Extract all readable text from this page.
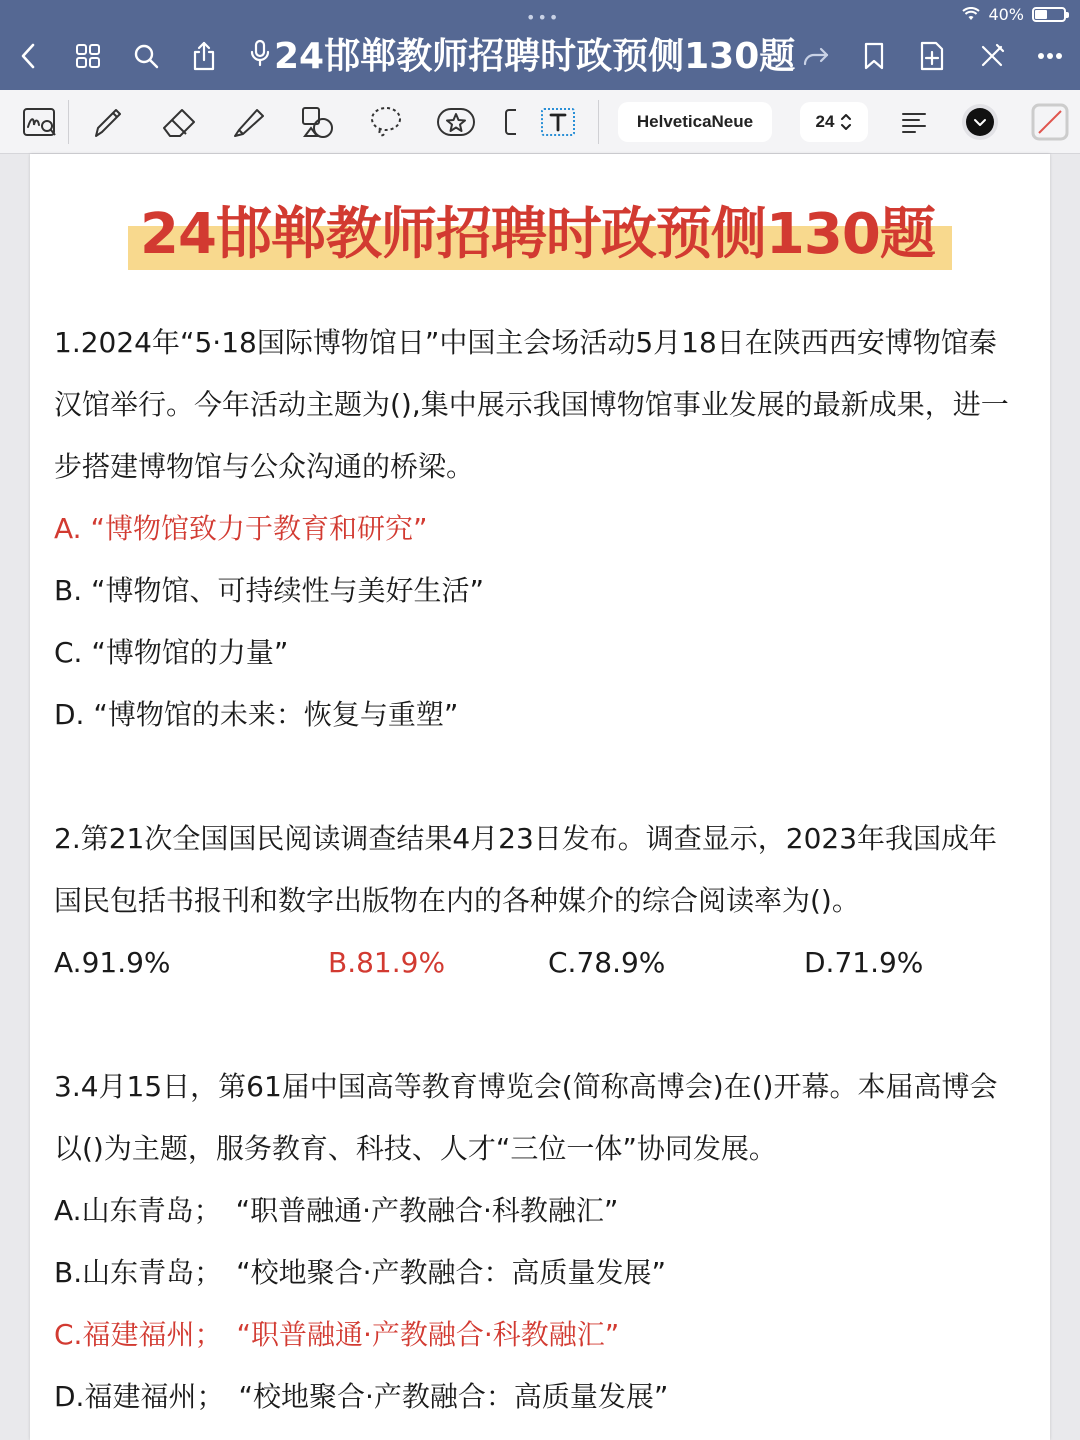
•••	40%
24邯郸教师招聘时政预侧130题
HelveticaNeue	24
24邯郸教师招聘时政预侧130题
1.2024年“5·18国际博物馆日”中国主会场活动5月18日在陕西西安博物馆秦汉馆举行。今年活动主题为(),集中展示我国博物馆事业发展的最新成果，进一步搭建博物馆与公众沟通的桥梁。
A. “博物馆致力于教育和研究”
B. “博物馆、可持续性与美好生活”
C. “博物馆的力量”
D. “博物馆的未来：恢复与重塑”
2.第21次全国国民阅读调查结果4月23日发布。调查显示，2023年我国成年国民包括书报刊和数字出版物在内的各种媒介的综合阅读率为()。
A.91.9%	B.81.9%	C.78.9%	D.71.9%
3.4月15日，第61届中国高等教育博览会(简称高博会)在()开幕。本届高博会以()为主题，服务教育、科技、人才“三位一体”协同发展。
A.山东青岛；　“职普融通·产教融合·科教融汇”
B.山东青岛；　“校地聚合·产教融合：高质量发展”
C.福建福州；　“职普融通·产教融合·科教融汇”
D.福建福州；　“校地聚合·产教融合：高质量发展”
